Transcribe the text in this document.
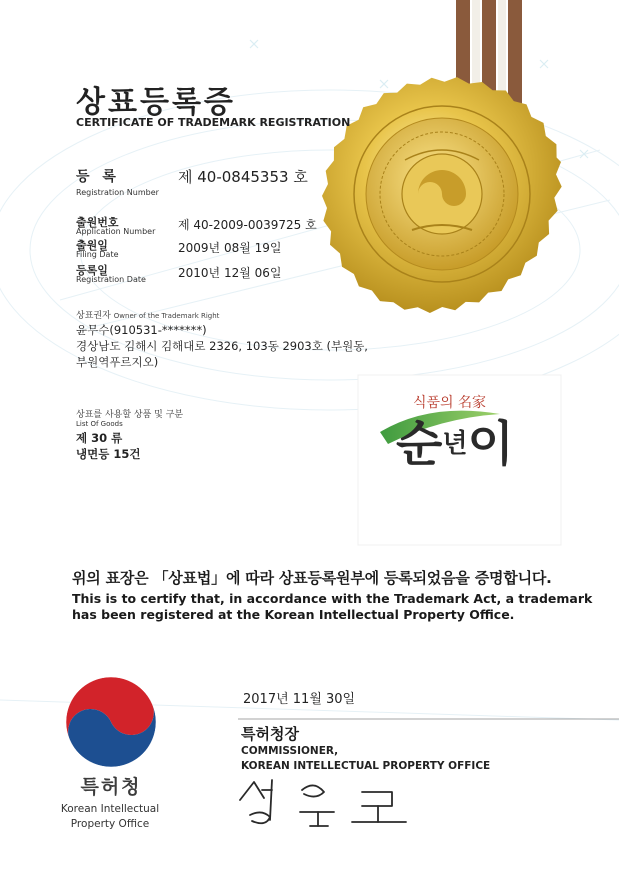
상표등록증
CERTIFICATE OF TRADEMARK REGISTRATION
등 록
Registration Number
제 40-0845353 호
출원번호
Application Number 제 40-2009-0039725 호
출원일
Filing Date	2009년 08월 19일
등록일
Registration Date	2010년 12월 06일
상표권자 Owner of the Trademark Right
윤무수(910531-*******)
경상남도 김해시 김해대로 2326, 103동 2903호 (부원동,
부원역푸르지오)
상표를 사용할 상품 및 구분
List Of Goods
제 30 류
냉면등 15건
식품의 名家
순년이
위의 표장은 「상표법」에 따라 상표등록원부에 등록되었음을 증명합니다.
This is to certify that, in accordance with the Trademark Act, a trademark
has been registered at the Korean Intellectual Property Office.
2017년 11월 30일
특허청장
COMMISSIONER,
KOREAN INTELLECTUAL PROPERTY OFFICE
특허청
Korean Intellectual
Property Office
